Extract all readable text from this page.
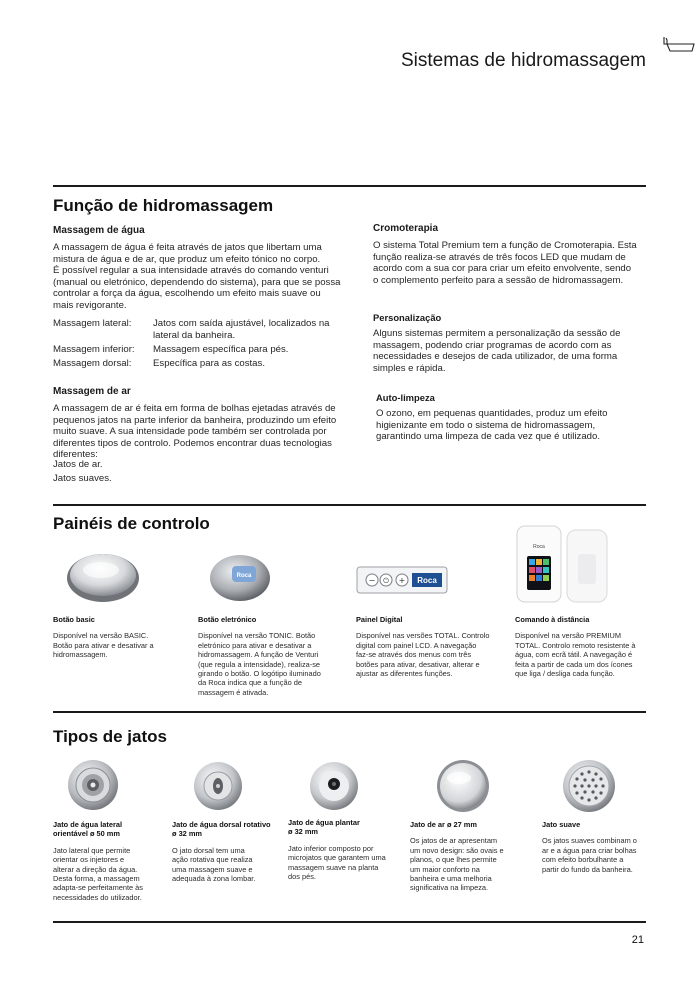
Sistemas de hidromassagem
Função de hidromassagem
Massagem de água

A massagem de água é feita através de jatos que libertam uma

mistura de água e de ar, que produz um efeito tónico no corpo.

É possível regular a sua intensidade através do comando venturi

(manual ou eletrónico, dependendo do sistema), para que se possa

controlar a força da água, escolhendo um efeito mais suave ou

mais revigorante.

Massagem lateral: Jatos com saída ajustável, localizados na
lateral da banheira.
Massagem inferior: Massagem específica para pés.
Massagem dorsal: Específica para as costas.
Massagem de ar

A massagem de ar é feita em forma de bolhas ejetadas através de

pequenos jatos na parte inferior da banheira, produzindo um efeito

muito suave. A sua intensidade pode também ser controlada por

diferentes tipos de controlo. Podemos encontrar duas tecnologias

diferentes:

Jatos de ar.
Jatos suaves.
Cromoterapia

O sistema Total Premium tem a função de Cromoterapia. Esta

função realiza-se através de três focos LED que mudam de

acordo com a sua cor para criar um efeito envolvente, sendo

o complemento perfeito para a sessão de hidromassagem.

Personalização

Alguns sistemas permitem a personalização da sessão de

massagem, podendo criar programas de acordo com as

necessidades e desejos de cada utilizador, de uma forma

simples e rápida.

Auto-limpeza

O ozono, em pequenas quantidades, produz um efeito

higienizante em todo o sistema de hidromassagem,

garantindo uma limpeza de cada vez que é utilizado.

Painéis de controlo
Roca	− ⏻ + Roca
Roca
Botão basic

Disponível na versão BASIC.

Botão para ativar e desativar a

hidromassagem.

Botão eletrónico

Disponível na versão TONIC. Botão

eletrónico para ativar e desativar a

hidromassagem. A função de Venturi

(que regula a intensidade), realiza-se

girando o botão. O logótipo iluminado

da Roca indica que a função de

massagem é ativada.

Painel Digital

Disponível nas versões TOTAL. Controlo

digital com painel LCD. A navegação

faz-se através dos menus com três

botões para ativar, desativar, alterar e

ajustar as diferentes funções.

Comando à distância

Disponível na versão PREMIUM

TOTAL. Controlo remoto resistente à

água, com ecrã tátil. A navegação é

feita a partir de cada um dos ícones

que liga / desliga cada função.

Tipos de jatos
Jato de água lateral
orientável ø 50 mm

Jato lateral que permite

orientar os injetores e

alterar a direção da água.

Desta forma, a massagem

adapta-se perfeitamente às

necessidades do utilizador.

Jato de água dorsal rotativo
ø 32 mm

O jato dorsal tem uma

ação rotativa que realiza

uma massagem suave e

adequada à zona lombar.

Jato de água plantar
ø 32 mm

Jato inferior composto por

microjatos que garantem uma

massagem suave na planta

dos pés.

Jato de ar ø 27 mm

Os jatos de ar apresentam

um novo design: são ovais e

planos, o que lhes permite

um maior conforto na

banheira e uma melhoria

significativa na limpeza.

Jato suave

Os jatos suaves combinam o

ar e a água para criar bolhas

com efeito borbulhante a

partir do fundo da banheira.

21
